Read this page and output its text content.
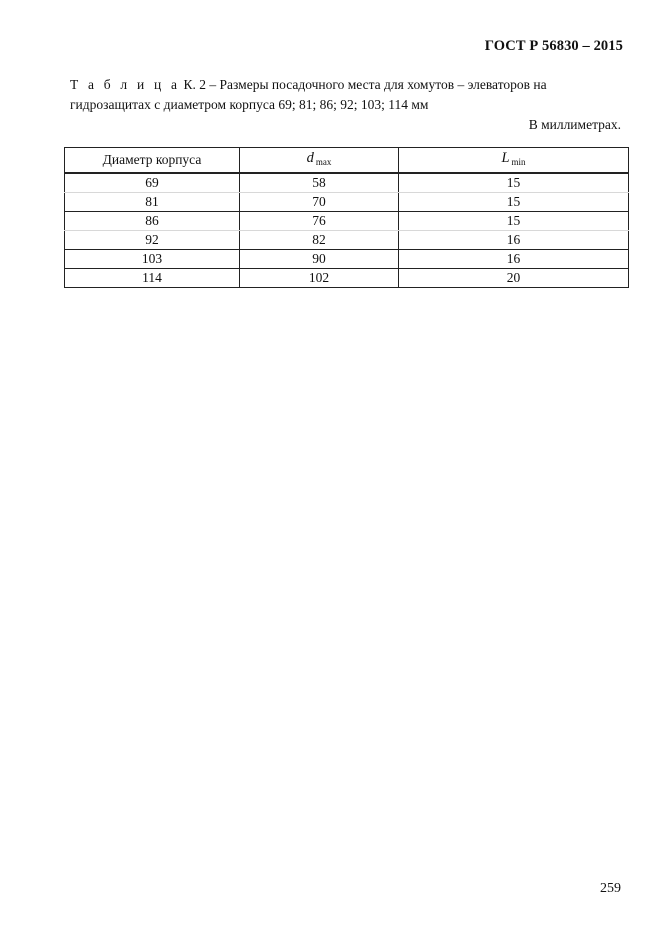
ГОСТ Р 56830 – 2015
Т а б л и ц а К. 2 – Размеры посадочного места для хомутов – элеваторов на
гидрозащитах с диаметром корпуса 69; 81; 86; 92; 103; 114 мм
В миллиметрах.
Диаметр корпуса	d $_{max}$	L $_{min}$
69	58	15
81	70	15
86	76	15
92	82	16
103	90	16
114	102	20
259
